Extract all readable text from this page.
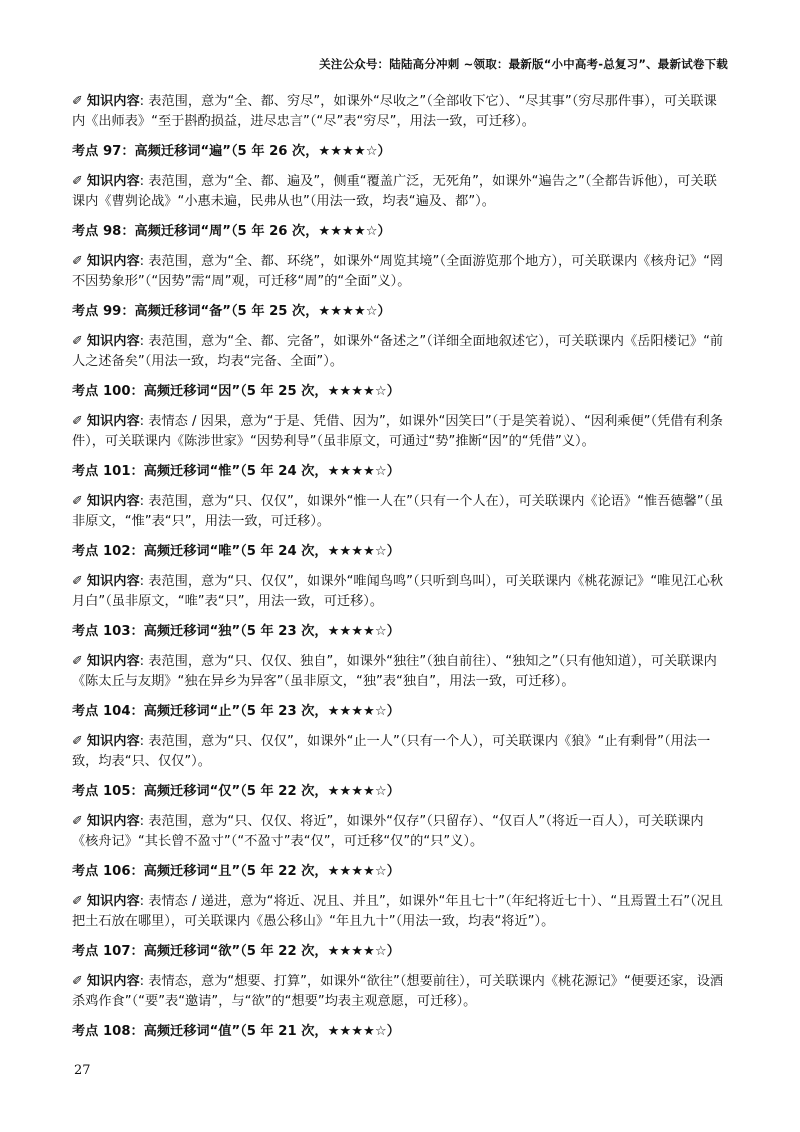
关注公众号：陆陆高分冲刺 ~领取：最新版“小中高考-总复习”、最新试卷下载

✐ 知识内容: 表范围，意为“全、都、穷尽”，如课外“尽收之”（全部收下它）、“尽其事”（穷尽那件事），可关联课内《出师表》“至于斟酌损益，进尽忠言”（“尽”表“穷尽”，用法一致，可迁移）。

考点 97：高频迁移词“遍”（5 年 26 次，★★★★☆）

✐ 知识内容: 表范围，意为“全、都、遍及”，侧重“覆盖广泛，无死角”，如课外“遍告之”（全都告诉他），可关联课内《曹刿论战》“小惠未遍，民弗从也”（用法一致，均表“遍及、都”）。

考点 98：高频迁移词“周”（5 年 26 次，★★★★☆）

✐ 知识内容: 表范围，意为“全、都、环绕”，如课外“周览其境”（全面游览那个地方），可关联课内《核舟记》“罔不因势象形”（“因势”需“周”观，可迁移“周”的“全面”义）。

考点 99：高频迁移词“备”（5 年 25 次，★★★★☆）

✐ 知识内容: 表范围，意为“全、都、完备”，如课外“备述之”（详细全面地叙述它），可关联课内《岳阳楼记》“前人之述备矣”（用法一致，均表“完备、全面”）。

考点 100：高频迁移词“因”（5 年 25 次，★★★★☆）

✐ 知识内容: 表情态 / 因果，意为“于是、凭借、因为”，如课外“因笑曰”（于是笑着说）、“因利乘便”（凭借有利条件），可关联课内《陈涉世家》“因势利导”（虽非原文，可通过“势”推断“因”的“凭借”义）。

考点 101：高频迁移词“惟”（5 年 24 次，★★★★☆）

✐ 知识内容: 表范围，意为“只、仅仅”，如课外“惟一人在”（只有一个人在），可关联课内《论语》“惟吾德馨”（虽非原文，“惟”表“只”，用法一致，可迁移）。

考点 102：高频迁移词“唯”（5 年 24 次，★★★★☆）

✐ 知识内容: 表范围，意为“只、仅仅”，如课外“唯闻鸟鸣”（只听到鸟叫），可关联课内《桃花源记》“唯见江心秋月白”（虽非原文，“唯”表“只”，用法一致，可迁移）。

考点 103：高频迁移词“独”（5 年 23 次，★★★★☆）

✐ 知识内容: 表范围，意为“只、仅仅、独自”，如课外“独往”（独自前往）、“独知之”（只有他知道），可关联课内《陈太丘与友期》“独在异乡为异客”（虽非原文，“独”表“独自”，用法一致，可迁移）。

考点 104：高频迁移词“止”（5 年 23 次，★★★★☆）

✐ 知识内容: 表范围，意为“只、仅仅”，如课外“止一人”（只有一个人），可关联课内《狼》“止有剩骨”（用法一致，均表“只、仅仅”）。

考点 105：高频迁移词“仅”（5 年 22 次，★★★★☆）

✐ 知识内容: 表范围，意为“只、仅仅、将近”，如课外“仅存”（只留存）、“仅百人”（将近一百人），可关联课内《核舟记》“其长曾不盈寸”（“不盈寸”表“仅”，可迁移“仅”的“只”义）。

考点 106：高频迁移词“且”（5 年 22 次，★★★★☆）

✐ 知识内容: 表情态 / 递进，意为“将近、况且、并且”，如课外“年且七十”（年纪将近七十）、“且焉置土石”（况且把土石放在哪里），可关联课内《愚公移山》“年且九十”（用法一致，均表“将近”）。

考点 107：高频迁移词“欲”（5 年 22 次，★★★★☆）

✐ 知识内容: 表情态，意为“想要、打算”，如课外“欲往”（想要前往），可关联课内《桃花源记》“便要还家，设酒杀鸡作食”（“要”表“邀请”，与“欲”的“想要”均表主观意愿，可迁移）。

考点 108：高频迁移词“值”（5 年 21 次，★★★★☆）
27
